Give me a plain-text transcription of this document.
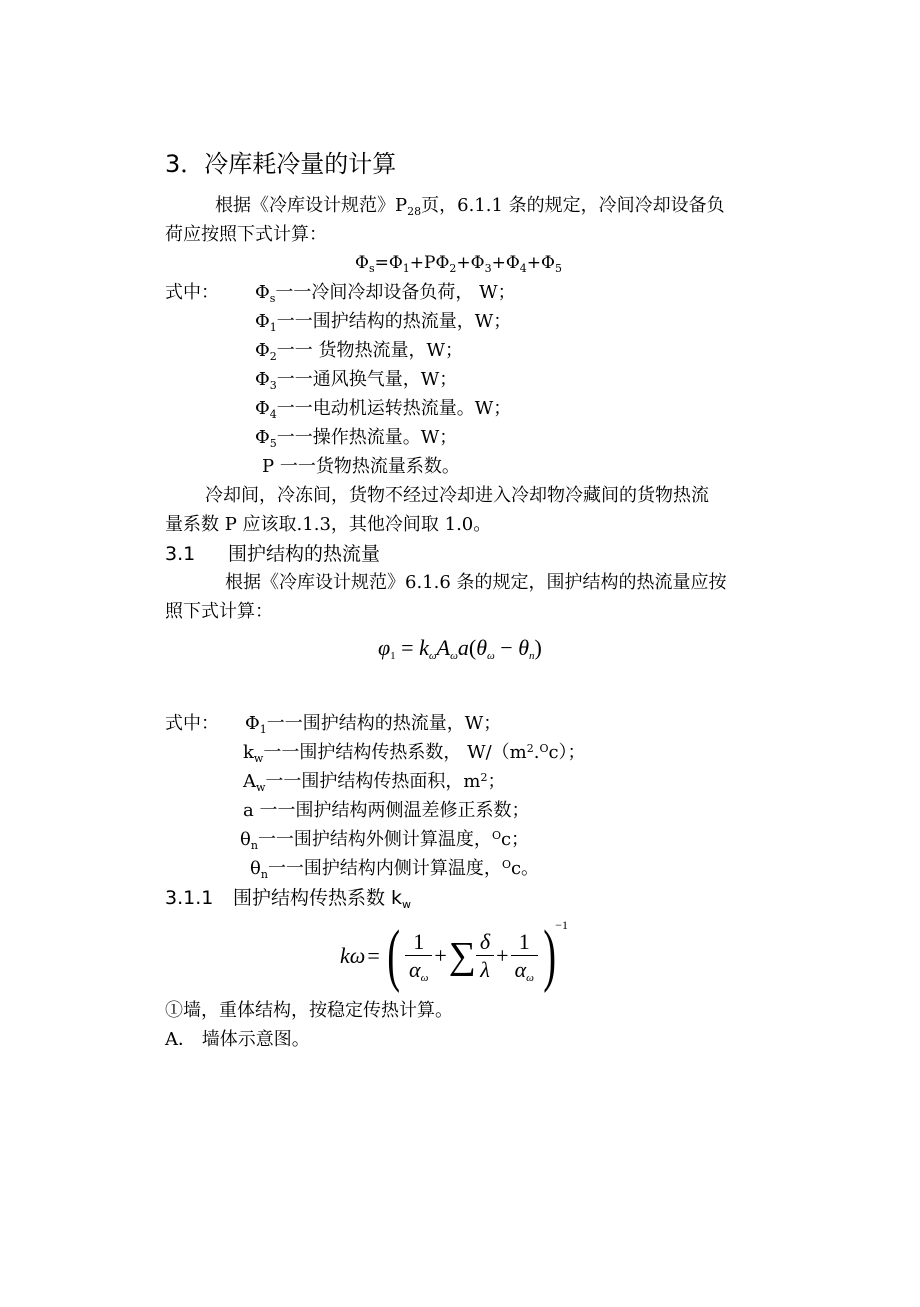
3．冷库耗冷量的计算
根据《冷库设计规范》$P_{28}$页，6.1.1 条的规定，冷间冷却设备负
荷应按照下式计算：
$\Phi_s=\Phi_1+P\Phi_2+\Phi_3+\Phi_4+\Phi_5$
式中： $\Phi_s$一一冷间冷却设备负荷， W；
$\Phi_1$一一围护结构的热流量，W；
$\Phi_2$一一 货物热流量，W；
$\Phi_3$一一通风换气量，W；
$\Phi_4$一一电动机运转热流量。W；
$\Phi_5$一一操作热流量。W；
P 一一货物热流量系数。
冷却间，冷冻间，货物不经过冷却进入冷却物冷藏间的货物热流
量系数 P 应该取.1.3，其他冷间取 1.0。
3.1 围护结构的热流量
根据《冷库设计规范》6.1.6 条的规定，围护结构的热流量应按
照下式计算：
$\varphi_1 = k_\omega A_\omega a(\theta_\omega - \theta_n)$
式中： $\Phi_1$一一围护结构的热流量，W；
$k_w$一一围护结构传热系数， $W/(m^2.^Oc)$；
$A_w$一一围护结构传热面积，$m^2$；
a 一一围护结构两侧温差修正系数；
$\theta_n$一一围护结构外侧计算温度，$^O$c；
$\theta_n$一一围护结构内侧计算温度，$^O$c。
3.1.1 围护结构传热系数 $k_w$
kω = ( $\frac{1}{\alpha_\omega}$ + ∑ $\frac{\delta}{\lambda} + \frac{1}{\alpha_\omega}$ ) −1
①墙，重体结构，按稳定传热计算。
A． 墙体示意图。
